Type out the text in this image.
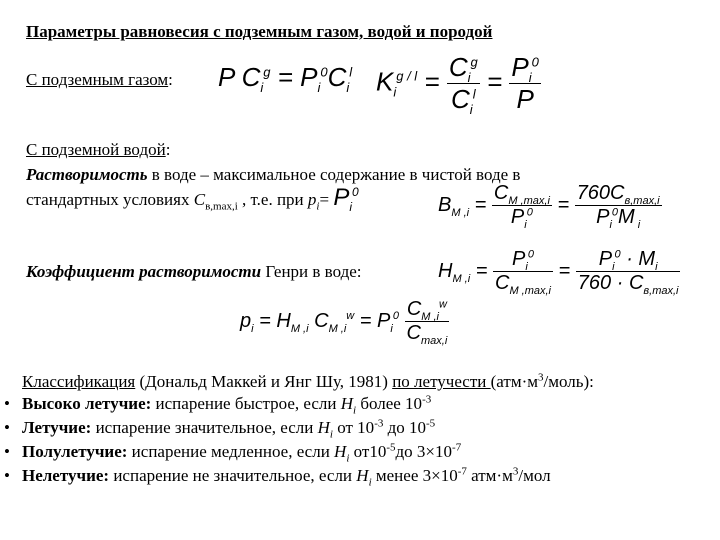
Параметры равновесия с подземным газом, водой и породой
С подземным газом: P $C_i^g = P_i^0C_i^l$ $K_i^{g / l} = \frac{C_i^g}{C_i^l} = \frac{P_i^0}{P}$
С подземной водой:
Растворимость в воде – максимальное содержание в чистой воде в
стандартных условиях $C_{в,max,i}$ , т.е. при $p_i= P_i^0$
$B_{M ,i} = \frac{C_{M ,max,i}}{P_i^0} = \frac{760C_{в,max,i}}{P_i^0M _i}$
Коэффициент растворимости Генри в воде:	$H_{M ,i} = \frac{P_i^0}{C_{M ,max,i}} = \frac{P_i^0 \cdot M_i}{760 \cdot C_{в,max,i}}$
$p_i = H_{M ,i}$ $C_{M ,i}^w = P_i^0 \frac{C_{M ,i}^w}{C_{max,i}}$
Классификация (Дональд Маккей и Янг Шу, 1981) по летучести $(атм\cdot м^3/моль)$:
• Высоко летучие: испарение быстрое, если $H_i$ более $10^{-3}$
• Летучие: испарение значительное, если $H_i$ от $10^{-3}$ до $10^{-5}$
• Полулетучие: испарение медленное, если $H_i$ $от10^{-5}до$ $3\times 10^{-7}$
• Нелетучие: испарение не значительное, если $H_i$ менее $3\times 10^{-7}$ $атм\cdot м^3$/мол
